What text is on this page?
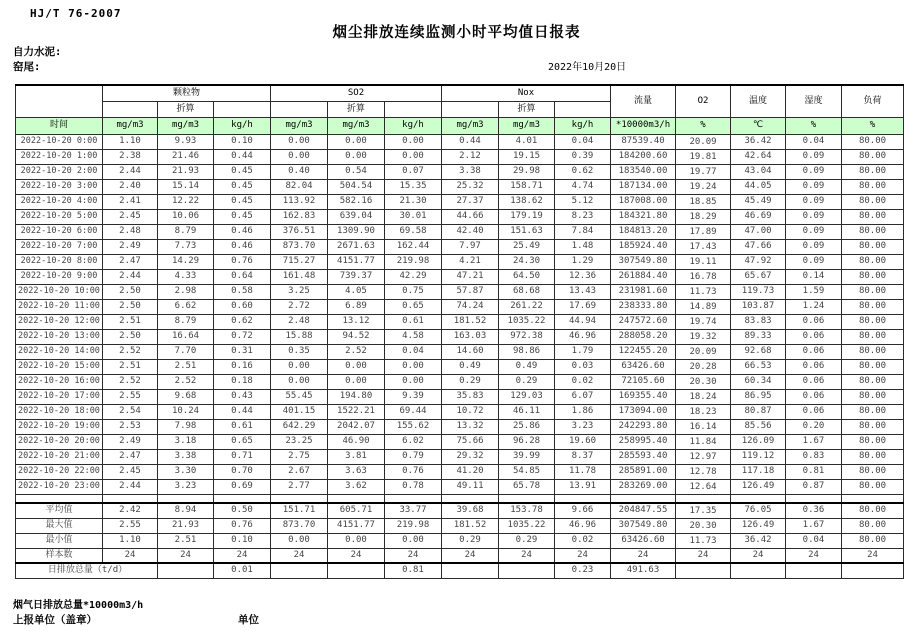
HJ/T 76-2007
烟尘排放连续监测小时平均值日报表
自力水泥:
窑尾:	2022年10月20日
	颗粒物			SO2			Nox			流量	O2	温度	湿度	负荷
		折算			折算			折算						
时间	mg/m3	mg/m3	kg/h	mg/m3	mg/m3	kg/h	mg/m3	mg/m3	kg/h	*10000m3/h	%	℃	%	%
2022-10-20 0:00	1.10	9.93	0.10	0.00	0.00	0.00	0.44	4.01	0.04	87539.40	20.09	36.42	0.04	80.00
2022-10-20 1:00	2.38	21.46	0.44	0.00	0.00	0.00	2.12	19.15	0.39	184200.60	19.81	42.64	0.09	80.00
2022-10-20 2:00	2.44	21.93	0.45	0.40	0.54	0.07	3.38	29.98	0.62	183540.00	19.77	43.04	0.09	80.00
2022-10-20 3:00	2.40	15.14	0.45	82.04	504.54	15.35	25.32	158.71	4.74	187134.00	19.24	44.05	0.09	80.00
2022-10-20 4:00	2.41	12.22	0.45	113.92	582.16	21.30	27.37	138.62	5.12	187008.00	18.85	45.49	0.09	80.00
2022-10-20 5:00	2.45	10.06	0.45	162.83	639.04	30.01	44.66	179.19	8.23	184321.80	18.29	46.69	0.09	80.00
2022-10-20 6:00	2.48	8.79	0.46	376.51	1309.90	69.58	42.40	151.63	7.84	184813.20	17.89	47.00	0.09	80.00
2022-10-20 7:00	2.49	7.73	0.46	873.70	2671.63	162.44	7.97	25.49	1.48	185924.40	17.43	47.66	0.09	80.00
2022-10-20 8:00	2.47	14.29	0.76	715.27	4151.77	219.98	4.21	24.30	1.29	307549.80	19.11	47.92	0.09	80.00
2022-10-20 9:00	2.44	4.33	0.64	161.48	739.37	42.29	47.21	64.50	12.36	261884.40	16.78	65.67	0.14	80.00
2022-10-20 10:00	2.50	2.98	0.58	3.25	4.05	0.75	57.87	68.68	13.43	231981.60	11.73	119.73	1.59	80.00
2022-10-20 11:00	2.50	6.62	0.60	2.72	6.89	0.65	74.24	261.22	17.69	238333.80	14.89	103.87	1.24	80.00
2022-10-20 12:00	2.51	8.79	0.62	2.48	13.12	0.61	181.52	1035.22	44.94	247572.60	19.74	83.83	0.06	80.00
2022-10-20 13:00	2.50	16.64	0.72	15.88	94.52	4.58	163.03	972.38	46.96	288058.20	19.32	89.33	0.06	80.00
2022-10-20 14:00	2.52	7.70	0.31	0.35	2.52	0.04	14.60	98.86	1.79	122455.20	20.09	92.68	0.06	80.00
2022-10-20 15:00	2.51	2.51	0.16	0.00	0.00	0.00	0.49	0.49	0.03	63426.60	20.28	66.53	0.06	80.00
2022-10-20 16:00	2.52	2.52	0.18	0.00	0.00	0.00	0.29	0.29	0.02	72105.60	20.30	60.34	0.06	80.00
2022-10-20 17:00	2.55	9.68	0.43	55.45	194.80	9.39	35.83	129.03	6.07	169355.40	18.24	86.95	0.06	80.00
2022-10-20 18:00	2.54	10.24	0.44	401.15	1522.21	69.44	10.72	46.11	1.86	173094.00	18.23	80.87	0.06	80.00
2022-10-20 19:00	2.53	7.98	0.61	642.29	2042.07	155.62	13.32	25.86	3.23	242293.80	16.14	85.56	0.20	80.00
2022-10-20 20:00	2.49	3.18	0.65	23.25	46.90	6.02	75.66	96.28	19.60	258995.40	11.84	126.09	1.67	80.00
2022-10-20 21:00	2.47	3.38	0.71	2.75	3.81	0.79	29.32	39.99	8.37	285593.40	12.97	119.12	0.83	80.00
2022-10-20 22:00	2.45	3.30	0.70	2.67	3.63	0.76	41.20	54.85	11.78	285891.00	12.78	117.18	0.81	80.00
2022-10-20 23:00	2.44	3.23	0.69	2.77	3.62	0.78	49.11	65.78	13.91	283269.00	12.64	126.49	0.87	80.00

平均值	2.42	8.94	0.50	151.71	605.71	33.77	39.68	153.78	9.66	204847.55	17.35	76.05	0.36	80.00
最大值	2.55	21.93	0.76	873.70	4151.77	219.98	181.52	1035.22	46.96	307549.80	20.30	126.49	1.67	80.00
最小值	1.10	2.51	0.10	0.00	0.00	0.00	0.29	0.29	0.02	63426.60	11.73	36.42	0.04	80.00
样本数	24	24	24	24	24	24	24	24	24	24	24	24	24	24
日排放总量（t/d）			0.01			0.81			0.23	491.63				
烟气日排放总量*10000m3/h
上报单位（盖章）	单位
